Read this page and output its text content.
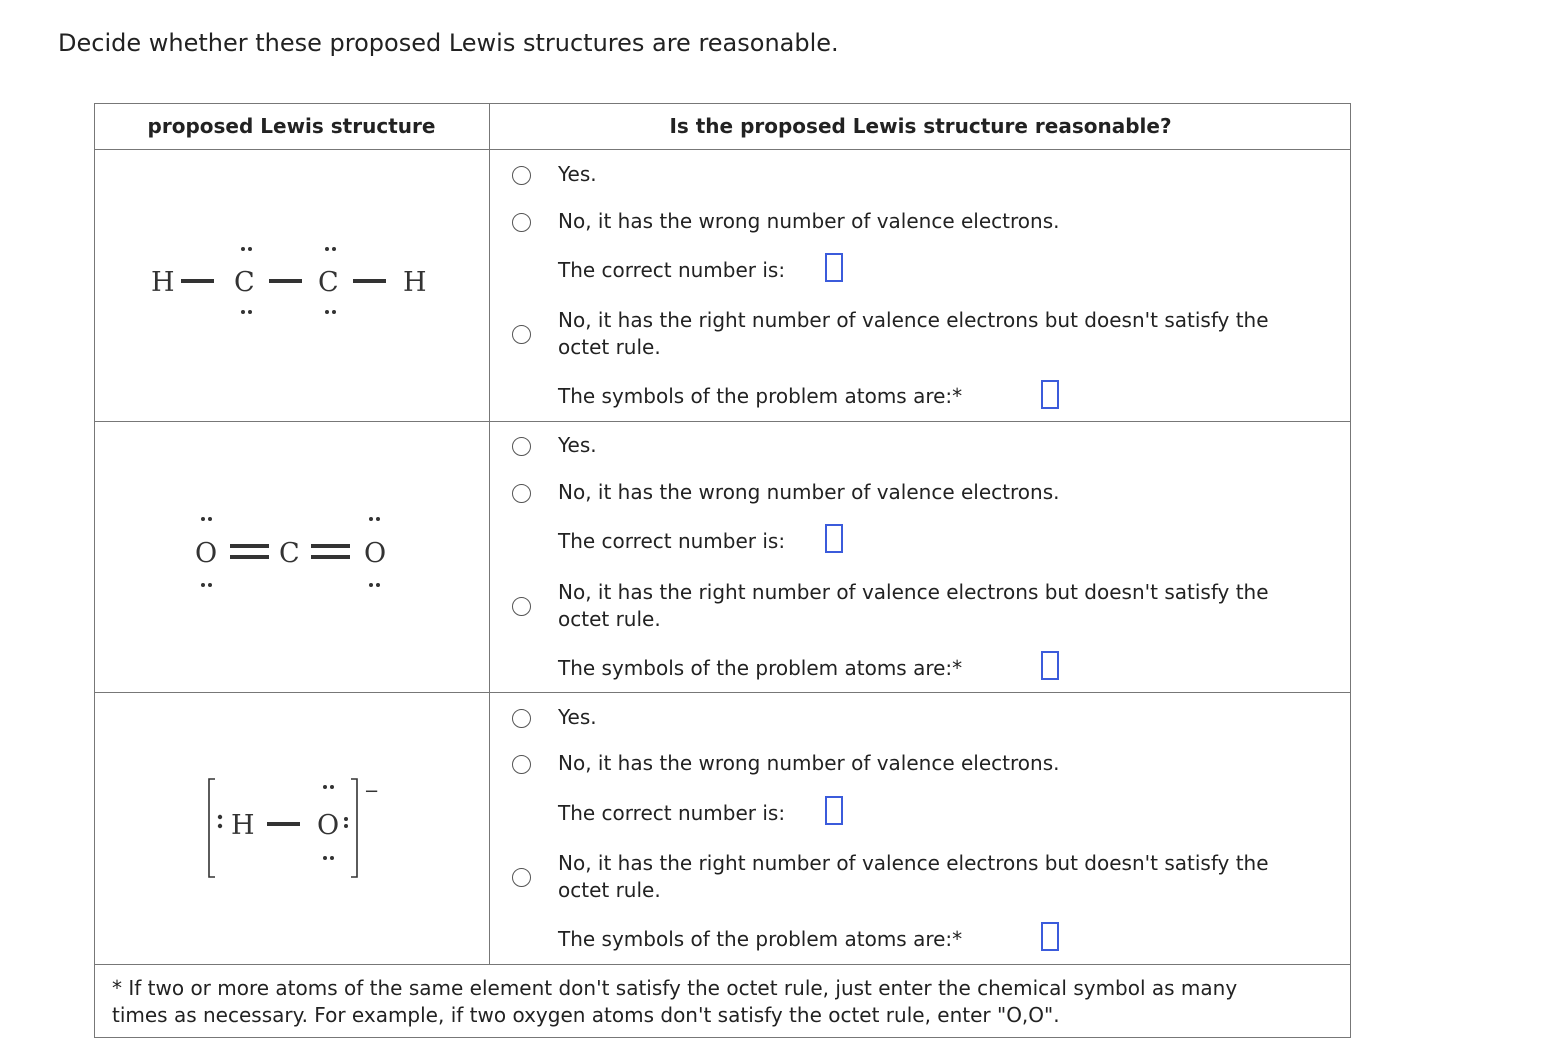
Decide whether these proposed Lewis structures are reasonable.
proposed Lewis structure	Is the proposed Lewis structure reasonable?
H C C H
O C O
H O
−
Yes.
No, it has the wrong number of valence electrons.
The correct number is:
No, it has the right number of valence electrons but doesn't satisfy the
octet rule.
The symbols of the problem atoms are:*
Yes.
No, it has the wrong number of valence electrons.
The correct number is:
No, it has the right number of valence electrons but doesn't satisfy the
octet rule.
The symbols of the problem atoms are:*
Yes.
No, it has the wrong number of valence electrons.
The correct number is:
No, it has the right number of valence electrons but doesn't satisfy the
octet rule.
The symbols of the problem atoms are:*
* If two or more atoms of the same element don't satisfy the octet rule, just enter the chemical symbol as many
times as necessary. For example, if two oxygen atoms don't satisfy the octet rule, enter "O,O".
